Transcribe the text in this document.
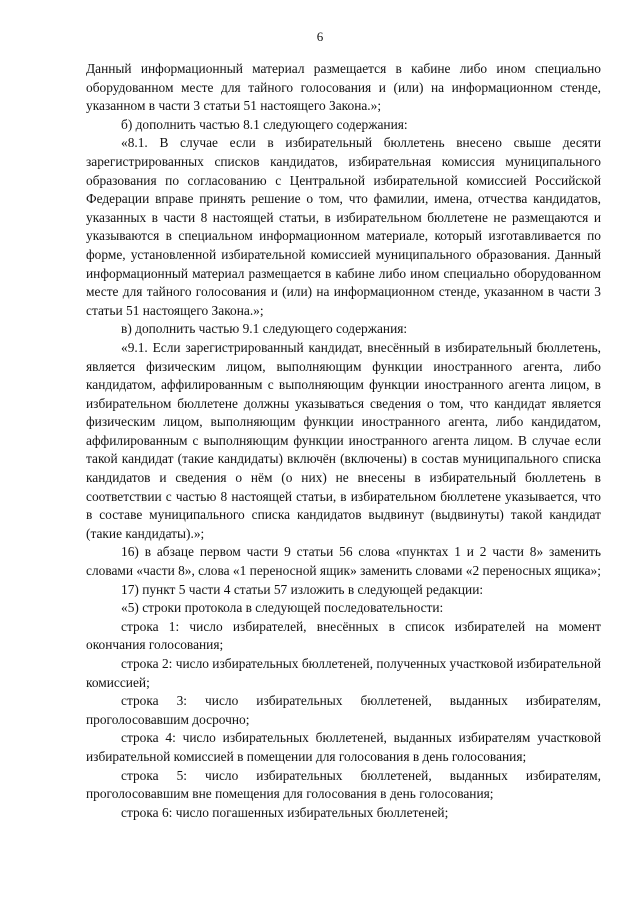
6

Данный информационный материал размещается в кабине либо ином специально оборудованном месте для тайного голосования и (или) на информационном стенде, указанном в части 3 статьи 51 настоящего Закона.»;

б) дополнить частью 8.1 следующего содержания:

«8.1. В случае если в избирательный бюллетень внесено свыше десяти зарегистрированных списков кандидатов, избирательная комиссия муниципального образования по согласованию с Центральной избирательной комиссией Российской Федерации вправе принять решение о том, что фамилии, имена, отчества кандидатов, указанных в части 8 настоящей статьи, в избирательном бюллетене не размещаются и указываются в специальном информационном материале, который изготавливается по форме, установленной избирательной комиссией муниципального образования. Данный информационный материал размещается в кабине либо ином специально оборудованном месте для тайного голосования и (или) на информационном стенде, указанном в части 3 статьи 51 настоящего Закона.»;

в) дополнить частью 9.1 следующего содержания:

«9.1. Если зарегистрированный кандидат, внесённый в избирательный бюллетень, является физическим лицом, выполняющим функции иностранного агента, либо кандидатом, аффилированным с выполняющим функции иностранного агента лицом, в избирательном бюллетене должны указываться сведения о том, что кандидат является физическим лицом, выполняющим функции иностранного агента, либо кандидатом, аффилированным с выполняющим функции иностранного агента лицом. В случае если такой кандидат (такие кандидаты) включён (включены) в состав муниципального списка кандидатов и сведения о нём (о них) не внесены в избирательный бюллетень в соответствии с частью 8 настоящей статьи, в избирательном бюллетене указывается, что в составе муниципального списка кандидатов выдвинут (выдвинуты) такой кандидат (такие кандидаты).»;

16) в абзаце первом части 9 статьи 56 слова «пунктах 1 и 2 части 8» заменить словами «части 8», слова «1 переносной ящик» заменить словами «2 переносных ящика»;

17) пункт 5 части 4 статьи 57 изложить в следующей редакции:

«5) строки протокола в следующей последовательности:

строка 1: число избирателей, внесённых в список избирателей на момент окончания голосования;

строка 2: число избирательных бюллетеней, полученных участковой избирательной комиссией;

строка 3: число избирательных бюллетеней, выданных избирателям, проголосовавшим досрочно;

строка 4: число избирательных бюллетеней, выданных избирателям участковой избирательной комиссией в помещении для голосования в день голосования;

строка 5: число избирательных бюллетеней, выданных избирателям, проголосовавшим вне помещения для голосования в день голосования;

строка 6: число погашенных избирательных бюллетеней;
